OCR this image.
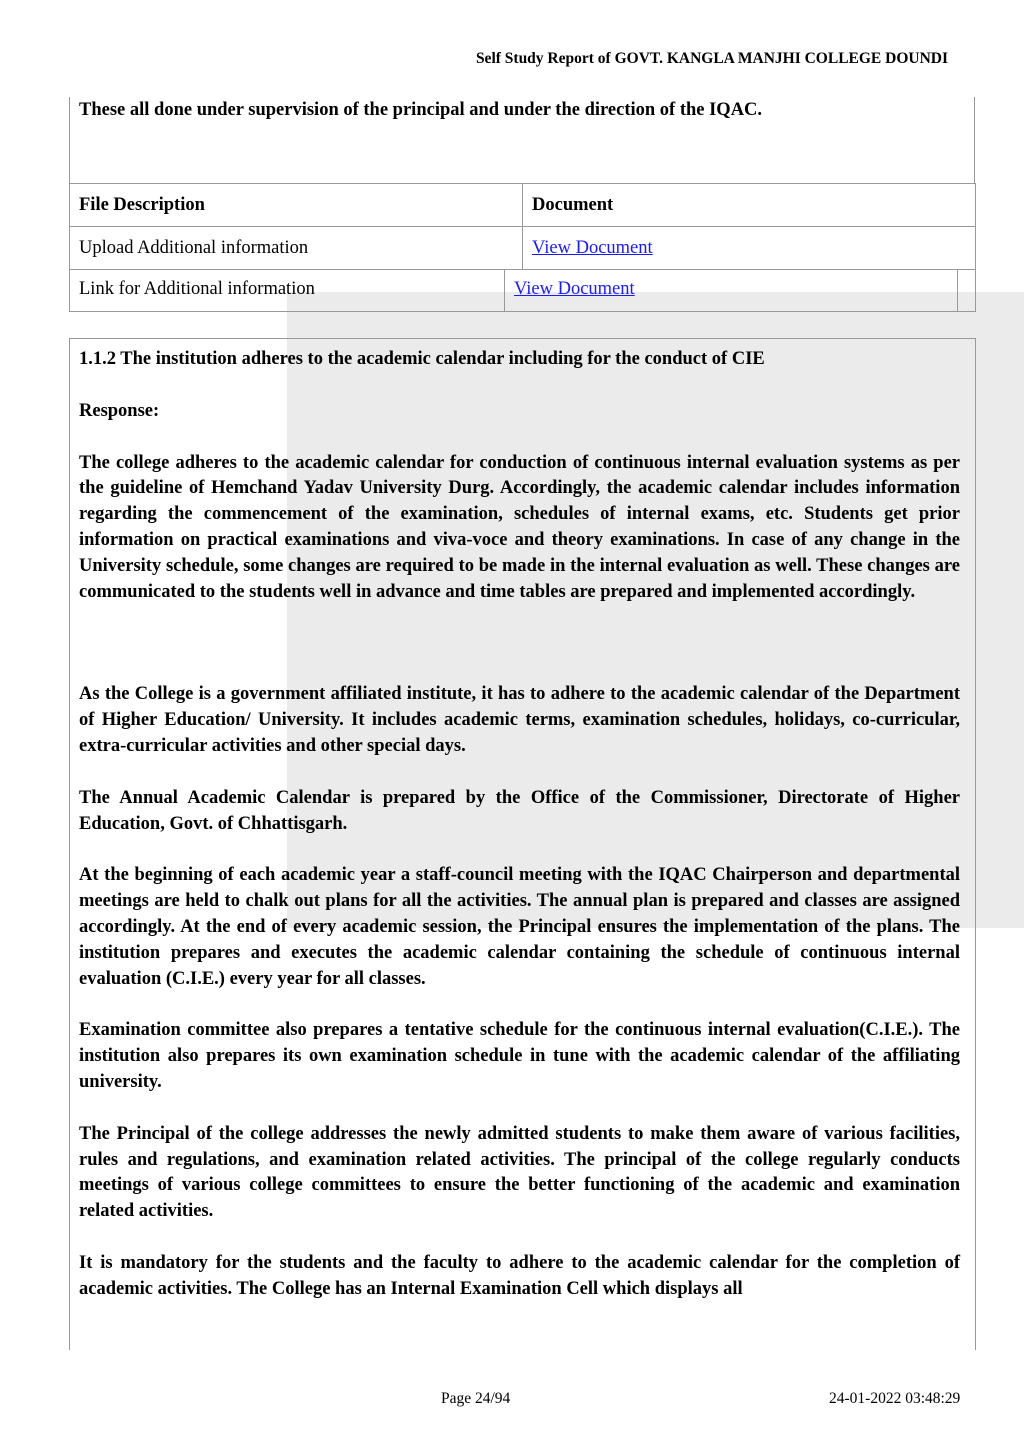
Self Study Report of GOVT. KANGLA MANJHI COLLEGE DOUNDI

These all done under supervision of the principal and under the direction of the IQAC.

File Description	Document
Upload Additional information	View Document
Link for Additional information	View Document

1.1.2 The institution adheres to the academic calendar including for the conduct of CIE

Response:

The college adheres to the academic calendar for conduction of continuous internal evaluation systems as per the guideline of Hemchand Yadav University Durg. Accordingly, the academic calendar includes information regarding the commencement of the examination, schedules of internal exams, etc. Students get prior information on practical examinations and viva-voce and theory examinations. In case of any change in the University schedule, some changes are required to be made in the internal evaluation as well. These changes are communicated to the students well in advance and time tables are prepared and implemented accordingly.

As the College is a government affiliated institute, it has to adhere to the academic calendar of the Department of Higher Education/ University. It includes academic terms, examination schedules, holidays, co-curricular, extra-curricular activities and other special days.

The Annual Academic Calendar is prepared by the Office of the Commissioner, Directorate of Higher Education, Govt. of Chhattisgarh.

At the beginning of each academic year a staff-council meeting with the IQAC Chairperson and departmental meetings are held to chalk out plans for all the activities. The annual plan is prepared and classes are assigned accordingly. At the end of every academic session, the Principal ensures the implementation of the plans. The institution prepares and executes the academic calendar containing the schedule of continuous internal evaluation (C.I.E.) every year for all classes.

Examination committee also prepares a tentative schedule for the continuous internal evaluation(C.I.E.). The institution also prepares its own examination schedule in tune with the academic calendar of the affiliating university.

The Principal of the college addresses the newly admitted students to make them aware of various facilities, rules and regulations, and examination related activities. The principal of the college regularly conducts meetings of various college committees to ensure the better functioning of the academic and examination related activities.

It is mandatory for the students and the faculty to adhere to the academic calendar for the completion of academic activities. The College has an Internal Examination Cell which displays all

Page 24/94	24-01-2022 03:48:29
